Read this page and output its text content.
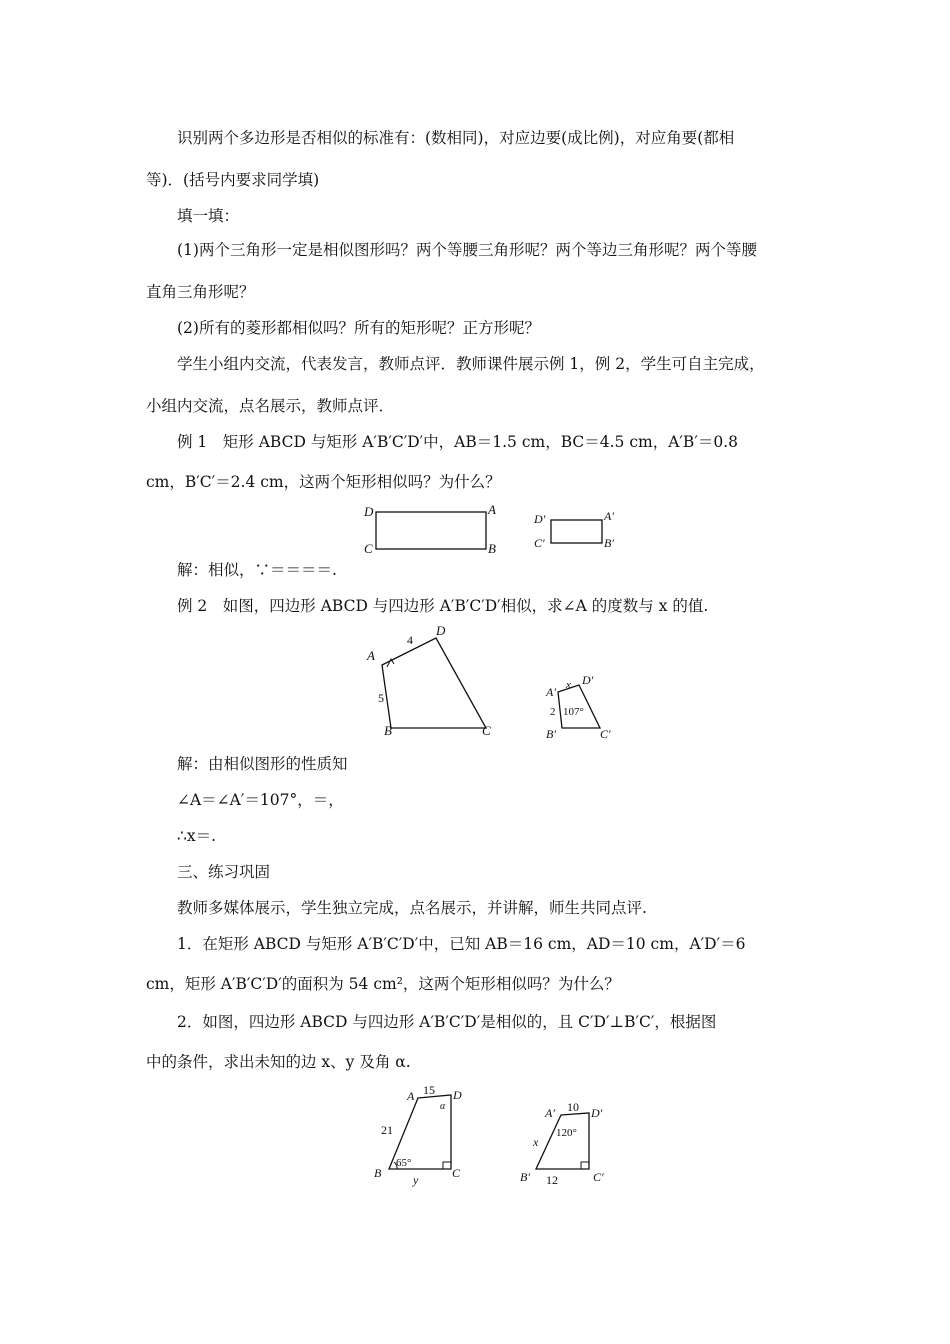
识别两个多边形是否相似的标准有：(数相同)，对应边要(成比例)，对应角要(都相
等)．(括号内要求同学填)
填一填：
(1)两个三角形一定是相似图形吗？两个等腰三角形呢？两个等边三角形呢？两个等腰
直角三角形呢？
(2)所有的菱形都相似吗？所有的矩形呢？正方形呢？
学生小组内交流，代表发言，教师点评．教师课件展示例 1，例 2，学生可自主完成，
小组内交流，点名展示，教师点评．
例 1　矩形 ABCD 与矩形 A′B′C′D′中，AB＝1.5 cm，BC＝4.5 cm，A′B′＝0.8
cm，B′C′＝2.4 cm，这两个矩形相似吗？为什么？
D	A
C	B
D′	A′
C′	B′
解：相似，∵＝＝＝＝.
例 2　如图，四边形 ABCD 与四边形 A′B′C′D′相似，求∠A 的度数与 x 的值.
A
D
B	C
4
5	A′
D′
B′	C′
x
2 107°
解：由相似图形的性质知
∠A＝∠A′＝107°，＝，
∴x＝.
三、练习巩固
教师多媒体展示，学生独立完成，点名展示，并讲解，师生共同点评.
1．在矩形 ABCD 与矩形 A′B′C′D′中，已知 AB＝16 cm，AD＝10 cm，A′D′＝6
cm，矩形 A′B′C′D′的面积为 54 cm²，这两个矩形相似吗？为什么？
2．如图，四边形 ABCD 与四边形 A′B′C′D′是相似的，且 C′D′⊥B′C′，根据图
中的条件，求出未知的边 x、y 及角 α.
A	D
B	C
15
21
y
65°
α	A′	D′
B′	C′
10
x
12
120°
